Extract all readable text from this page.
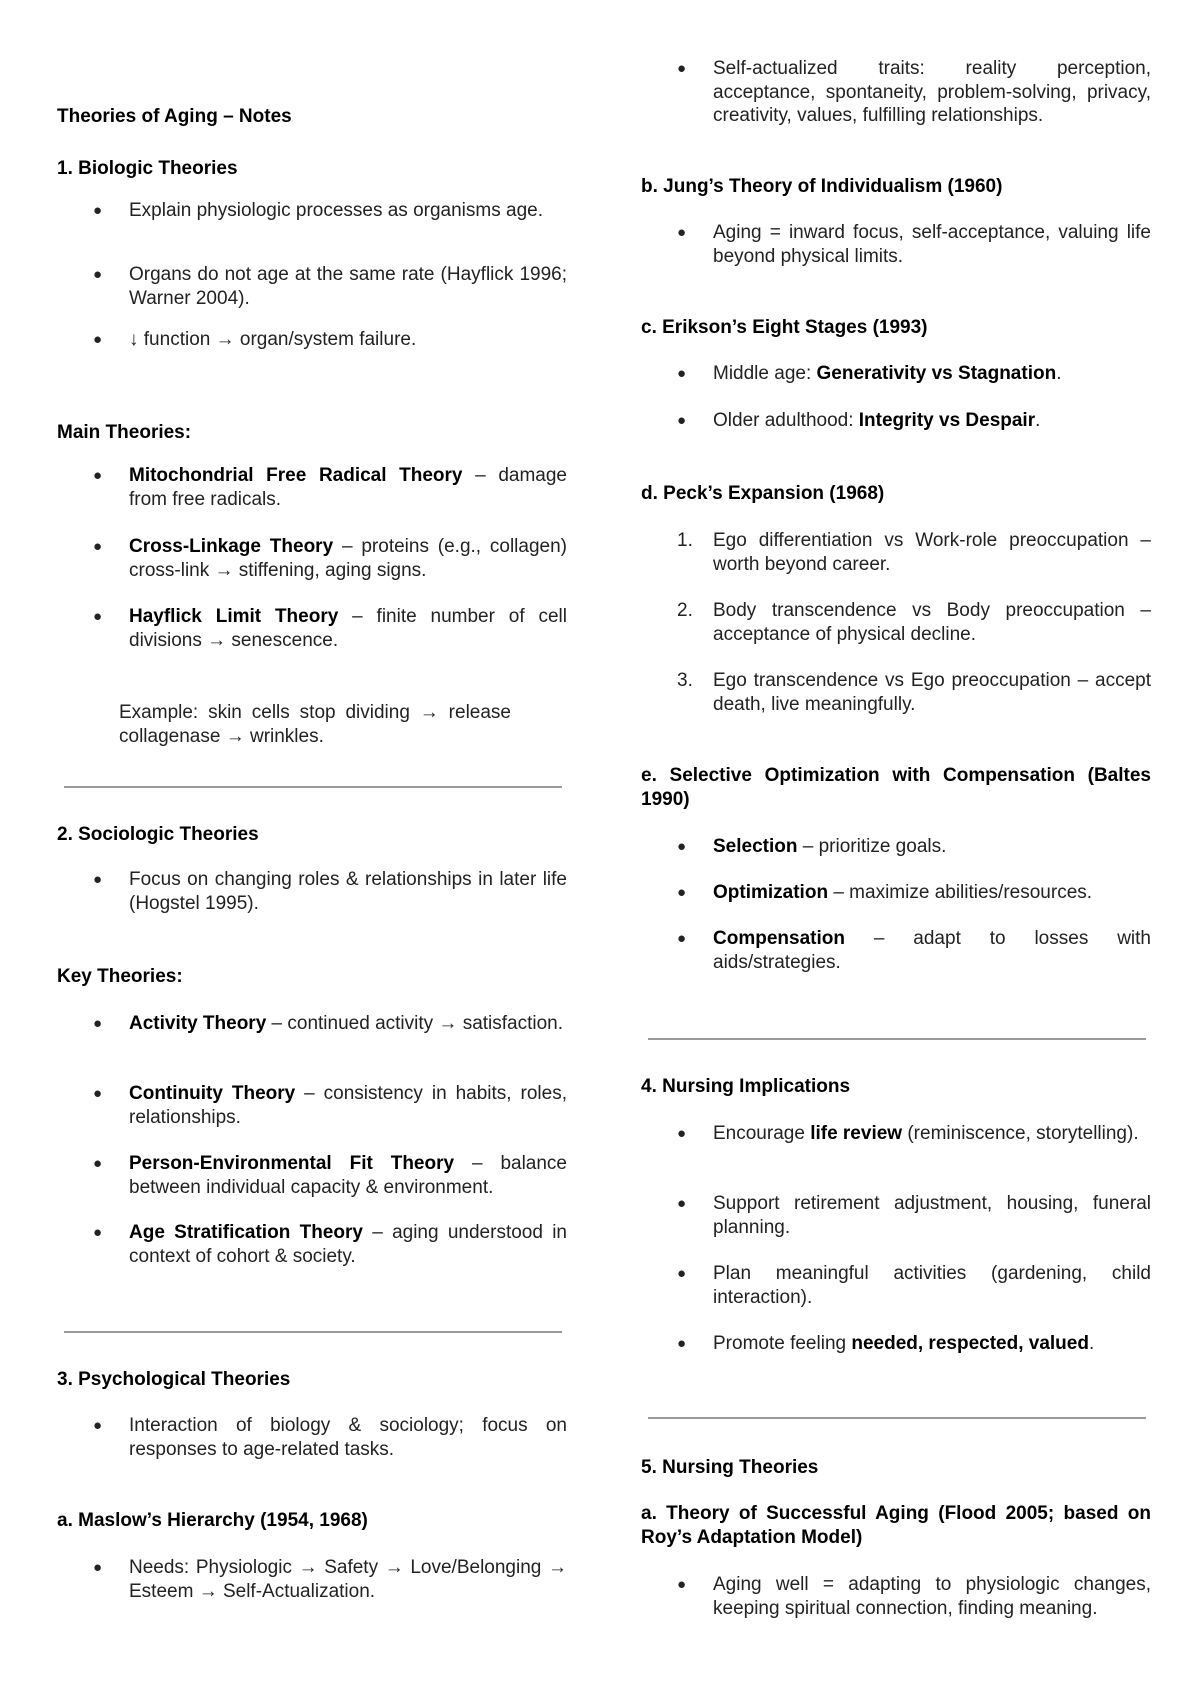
Theories of Aging – Notes
1. Biologic Theories
● Explain physiologic processes as organisms age.
● Organs do not age at the same rate (Hayflick 1996; Warner 2004).
● ↓ function → organ/system failure.
Main Theories:
● Mitochondrial Free Radical Theory – damage from free radicals.
● Cross-Linkage Theory – proteins (e.g., collagen) cross-link → stiffening, aging signs.
● Hayflick Limit Theory – finite number of cell divisions → senescence.
Example: skin cells stop dividing → release collagenase → wrinkles.
2. Sociologic Theories
● Focus on changing roles & relationships in later life (Hogstel 1995).
Key Theories:
● Activity Theory – continued activity → satisfaction.
● Continuity Theory – consistency in habits, roles, relationships.
● Person-Environmental Fit Theory – balance between individual capacity & environment.
● Age Stratification Theory – aging understood in context of cohort & society.
3. Psychological Theories
● Interaction of biology & sociology; focus on responses to age-related tasks.
a. Maslow’s Hierarchy (1954, 1968)
● Needs: Physiologic → Safety → Love/Belonging → Esteem → Self-Actualization.
● Self-actualized traits: reality perception, acceptance, spontaneity, problem-solving, privacy, creativity, values, fulfilling relationships.
b. Jung’s Theory of Individualism (1960)
● Aging = inward focus, self-acceptance, valuing life beyond physical limits.
c. Erikson’s Eight Stages (1993)
● Middle age: Generativity vs Stagnation.
● Older adulthood: Integrity vs Despair.
d. Peck’s Expansion (1968)
1. Ego differentiation vs Work-role preoccupation – worth beyond career.
2. Body transcendence vs Body preoccupation – acceptance of physical decline.
3. Ego transcendence vs Ego preoccupation – accept death, live meaningfully.
e. Selective Optimization with Compensation (Baltes 1990)
● Selection – prioritize goals.
● Optimization – maximize abilities/resources.
● Compensation – adapt to losses with aids/strategies.
4. Nursing Implications
● Encourage life review (reminiscence, storytelling).
● Support retirement adjustment, housing, funeral planning.
● Plan meaningful activities (gardening, child interaction).
● Promote feeling needed, respected, valued.
5. Nursing Theories
a. Theory of Successful Aging (Flood 2005; based on Roy’s Adaptation Model)
● Aging well = adapting to physiologic changes, keeping spiritual connection, finding meaning.
